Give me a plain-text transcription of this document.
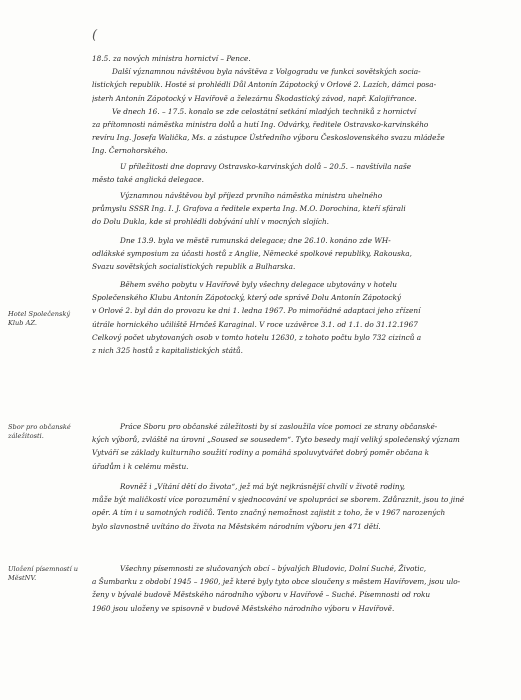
(
18.5. za nových ministra hornictví – Pence.
Další významnou návštěvou byla návštěva z Volgogradu ve funkci sovětských socia-
listických republik. Hosté si prohlédli Důl Antonín Zápotocký v Orlové 2. Lazích, dámci posa-
jsterh Antonín Zápotocký v Havířově a železárnu Škodastický závod, např. Kalojiřrance.
Ve dnech 16. – 17.5. konalo se zde celostátní setkání mladých techniků z hornictví
za přítomnosti náměstka ministra dolů a hutí Ing. Odvárky, ředitele Ostravsko-karvinského
revíru Ing. Josefa Walička, Ms. a zástupce Ústředního výboru Československého svazu mládeže
Ing. Černohorského.
U příležitosti dne dopravy Ostravsko-karvinských dolů – 20.5. – navštívila naše
město také anglická delegace.
Významnou návštěvou byl příjezd prvního náměstka ministra uhelného
průmyslu SSSR Ing. I. J. Grafova a ředitele experta Ing. M.O. Dorochina, kteří sfárali
do Dolu Dukla, kde si prohlédli dobývání uhlí v mocných slojích.
Dne 13.9. byla ve městě rumunská delegace; dne 26.10. konáno zde WH-
odlákské symposium za účasti hostů z Anglie, Německé spolkové republiky, Rakouska,
Svazu sovětských socialistických republik a Bulharska.
Během svého pobytu v Havířově byly všechny delegace ubytovány v hotelu
Společenského Klubu Antonín Zápotocký, který ode správě Dolu Antonín Zápotocký
v Orlové 2. byl dán do provozu ke dni 1. ledna 1967. Po mimořádné adaptaci jeho zřízení
útrále hornického učiliště Hrnčeš Karaginal. V roce uzávěrce 3.1. od 1.1. do 31.12.1967
Celkový počet ubytovaných osob v tomto hotelu 12630, z tohoto počtu bylo 732 cizinců a
z nich 325 hostů z kapitalistických států.
Práce Sboru pro občanské záležitosti by si zasloužila více pomoci ze strany občanské-
kých výborů, zvláště na úrovni „Soused se sousedem“. Tyto besedy mají veliký společenský význam
Vytváří se základy kulturního soužití rodiny a pomáhá spoluvytvářet dobrý poměr občana k
úřadům i k celému městu.
Rovněž i „Vítání dětí do života“, jež má být nejkrásnější chvílí v životě rodiny,
může být maličkostí více porozumění v sjednocování ve spolupráci se sborem. Zdůraznit, jsou to jiné
opěr. A tím i u samotných rodičů. Tento značný nemožnost zajistit z toho, že v 1967 narozených
bylo slavnostně uvítáno do života na Městském národním výboru jen 471 dětí.
Všechny písemnosti ze slučovaných obcí – bývalých Bludovic, Dolní Suché, Životic,
a Šumbarku z období 1945 – 1960, jež které byly tyto obce sloučeny s městem Havířovem, jsou ulo-
ženy v bývalé budově Městského národního výboru v Havířově – Suché. Písemnosti od roku
1960 jsou uloženy ve spisovně v budově Městského národního výboru v Havířově.
Hotel Společenský Klub AZ.
Sbor pro občanské záležitosti.
Uložení písemností u MěstNV.
